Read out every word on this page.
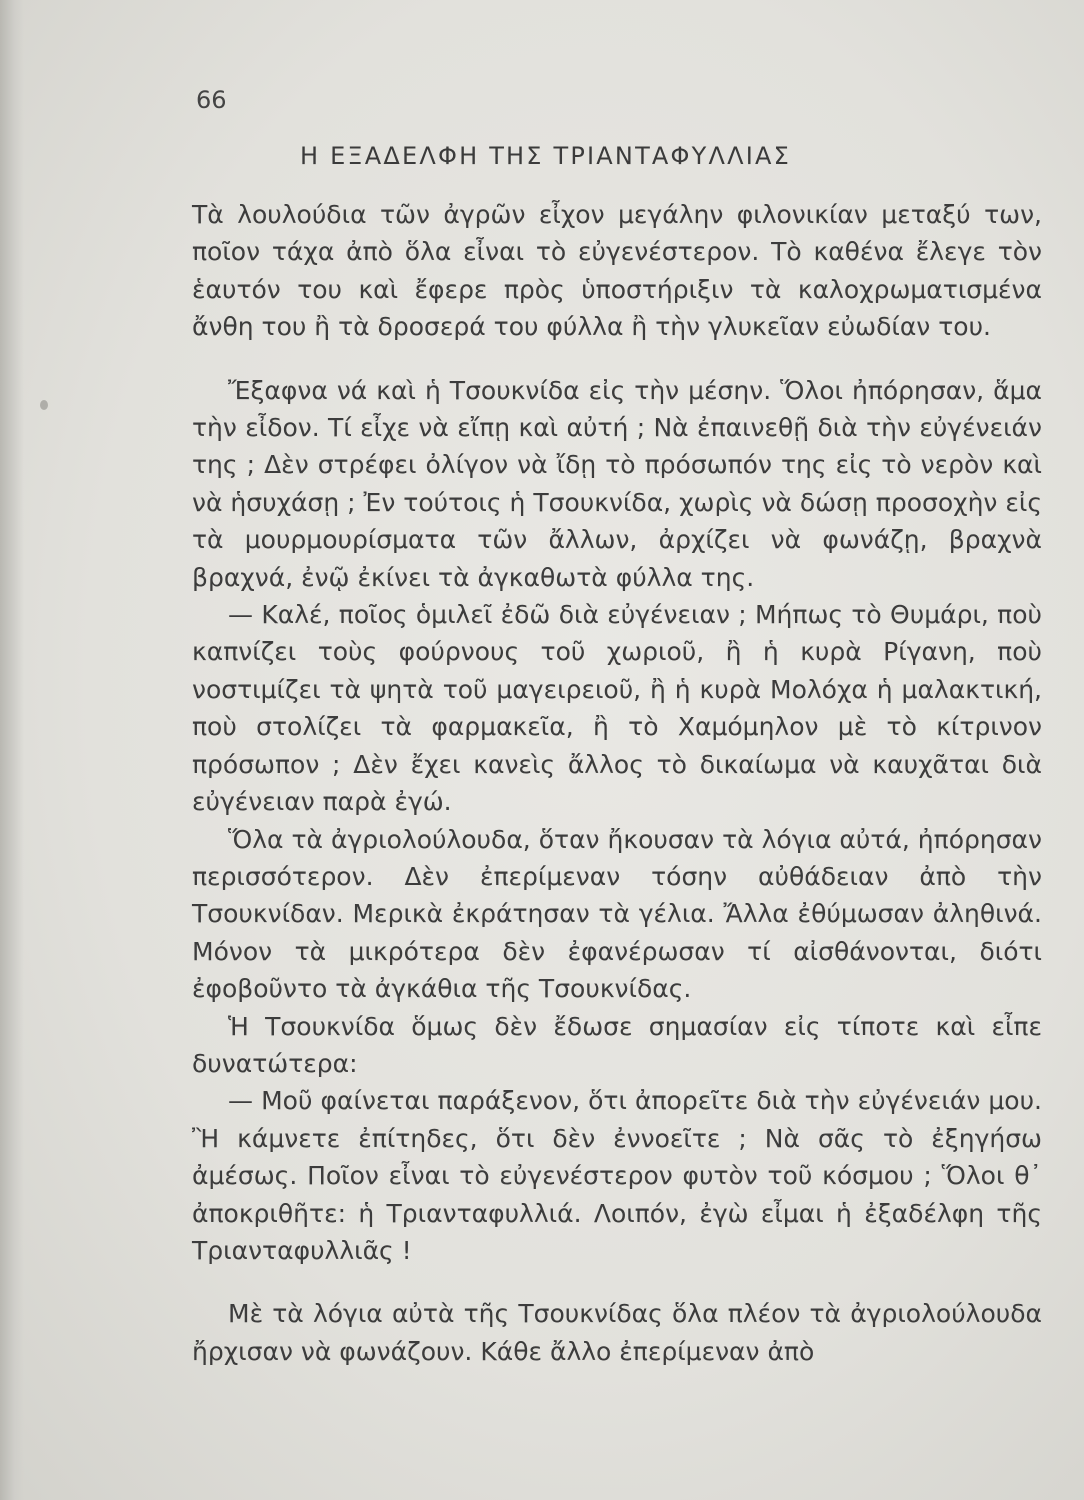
66
Η ΕΞΑΔΕΛΦΗ ΤΗΣ ΤΡΙΑΝΤΑΦΥΛΛΙΑΣ

Τὰ λουλούδια τῶν ἀγρῶν εἶχον μεγάλην φιλονικίαν μεταξύ των, ποῖον τάχα ἀπὸ ὅλα εἶναι τὸ εὐγενέστερον. Τὸ καθένα ἔλεγε τὸν ἑαυτόν του καὶ ἔφερε πρὸς ὑποστήριξιν τὰ καλοχρωματισμένα ἄνθη του ἢ τὰ δροσερά του φύλλα ἢ τὴν γλυκεῖαν εὐωδίαν του.

Ἔξαφνα νά καὶ ἡ Τσουκνίδα εἰς τὴν μέσην. Ὅλοι ἠπόρησαν, ἅμα τὴν εἶδον. Τί εἶχε νὰ εἴπῃ καὶ αὐτή ; Νὰ ἐπαινεθῇ διὰ τὴν εὐγένειάν της ; Δὲν στρέφει ὀλίγον νὰ ἴδῃ τὸ πρόσωπόν της εἰς τὸ νερὸν καὶ νὰ ἡσυχάσῃ ; Ἐν τούτοις ἡ Τσουκνίδα, χωρὶς νὰ δώσῃ προσοχὴν εἰς τὰ μουρμουρίσματα τῶν ἄλλων, ἀρχίζει νὰ φωνάζῃ, βραχνὰ βραχνά, ἐνῷ ἐκίνει τὰ ἀγκαθωτὰ φύλλα της.

— Καλέ, ποῖος ὁμιλεῖ ἐδῶ διὰ εὐγένειαν ; Μήπως τὸ Θυμάρι, ποὺ καπνίζει τοὺς φούρνους τοῦ χωριοῦ, ἢ ἡ κυρὰ Ρίγανη, ποὺ νοστιμίζει τὰ ψητὰ τοῦ μαγειρειοῦ, ἢ ἡ κυρὰ Μολόχα ἡ μαλακτική, ποὺ στολίζει τὰ φαρμακεῖα, ἢ τὸ Χαμόμηλον μὲ τὸ κίτρινον πρόσωπον ; Δὲν ἔχει κανεὶς ἄλλος τὸ δικαίωμα νὰ καυχᾶται διὰ εὐγένειαν παρὰ ἐγώ.

Ὅλα τὰ ἀγριολούλουδα, ὅταν ἤκουσαν τὰ λόγια αὐτά, ἠπόρησαν περισσότερον. Δὲν ἐπερίμεναν τόσην αὐθάδειαν ἀπὸ τὴν Τσουκνίδαν. Μερικὰ ἐκράτησαν τὰ γέλια. Ἄλλα ἐθύμωσαν ἀληθινά. Μόνον τὰ μικρότερα δὲν ἐφανέρωσαν τί αἰσθάνονται, διότι ἐφοβοῦντο τὰ ἀγκάθια τῆς Τσουκνίδας.

Ἡ Τσουκνίδα ὅμως δὲν ἔδωσε σημασίαν εἰς τίποτε καὶ εἶπε δυνατώτερα:

— Μοῦ φαίνεται παράξενον, ὅτι ἀπορεῖτε διὰ τὴν εὐγένειάν μου. Ἢ κάμνετε ἐπίτηδες, ὅτι δὲν ἐννοεῖτε ; Νὰ σᾶς τὸ ἐξηγήσω ἀμέσως. Ποῖον εἶναι τὸ εὐγενέστερον φυτὸν τοῦ κόσμου ; Ὅλοι θ᾽ ἀποκριθῆτε: ἡ Τριανταφυλλιά. Λοιπόν, ἐγὼ εἶμαι ἡ ἐξαδέλφη τῆς Τριανταφυλλιᾶς !

Μὲ τὰ λόγια αὐτὰ τῆς Τσουκνίδας ὅλα πλέον τὰ ἀγριολούλουδα ἤρχισαν νὰ φωνάζουν. Κάθε ἄλλο ἐπερίμεναν ἀπὸ
